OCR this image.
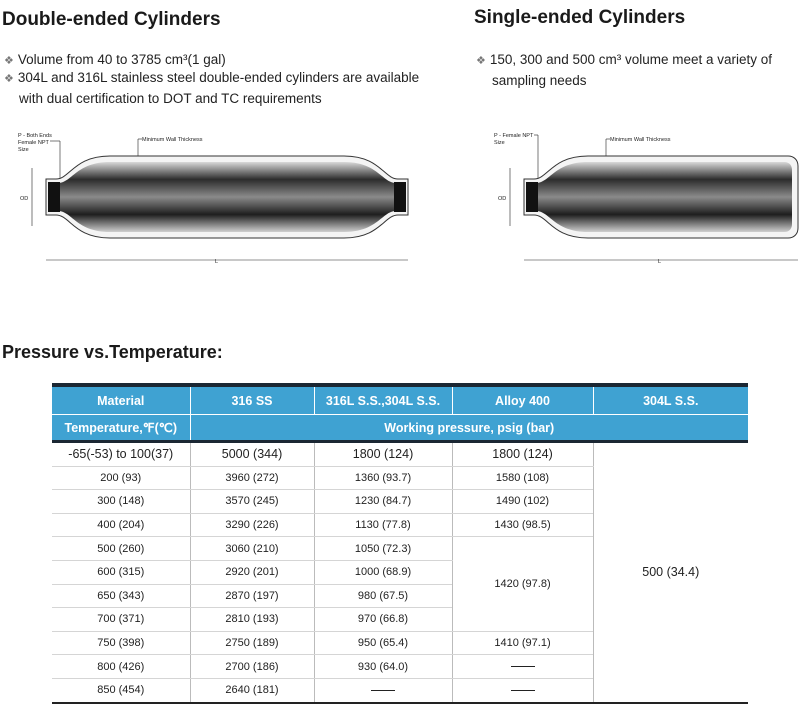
Double-ended Cylinders
❖ Volume from 40 to 3785 cm³(1 gal)
❖ 304L and 316L stainless steel double-ended cylinders are available
with dual certification to DOT and TC requirements
Single-ended Cylinders
❖ 150, 300 and 500 cm³ volume meet a variety of
sampling needs
P - Both Ends
Female NPT
Size
Minimum Wall Thickness
OD
L
P - Female NPT
Size	Minimum Wall Thickness
OD
L
Pressure vs.Temperature:
Material	316 SS	316L S.S.,304L S.S.	Alloy 400	304L S.S.
Temperature,℉(℃)	Working pressure, psig (bar)			
-65(-53) to 100(37)	5000 (344)	1800 (124)	1800 (124)	500 (34.4)
200 (93)	3960 (272)	1360 (93.7)	1580 (108)	
300 (148)	3570 (245)	1230 (84.7)	1490 (102)	
400 (204)	3290 (226)	1130 (77.8)	1430 (98.5)	
500 (260)	3060 (210)	1050 (72.3)	1420 (97.8)	
600 (315)	2920 (201)	1000 (68.9)		
650 (343)	2870 (197)	980 (67.5)		
700 (371)	2810 (193)	970 (66.8)		
750 (398)	2750 (189)	950 (65.4)	1410 (97.1)	
800 (426)	2700 (186)	930 (64.0)		
850 (454)	2640 (181)			
